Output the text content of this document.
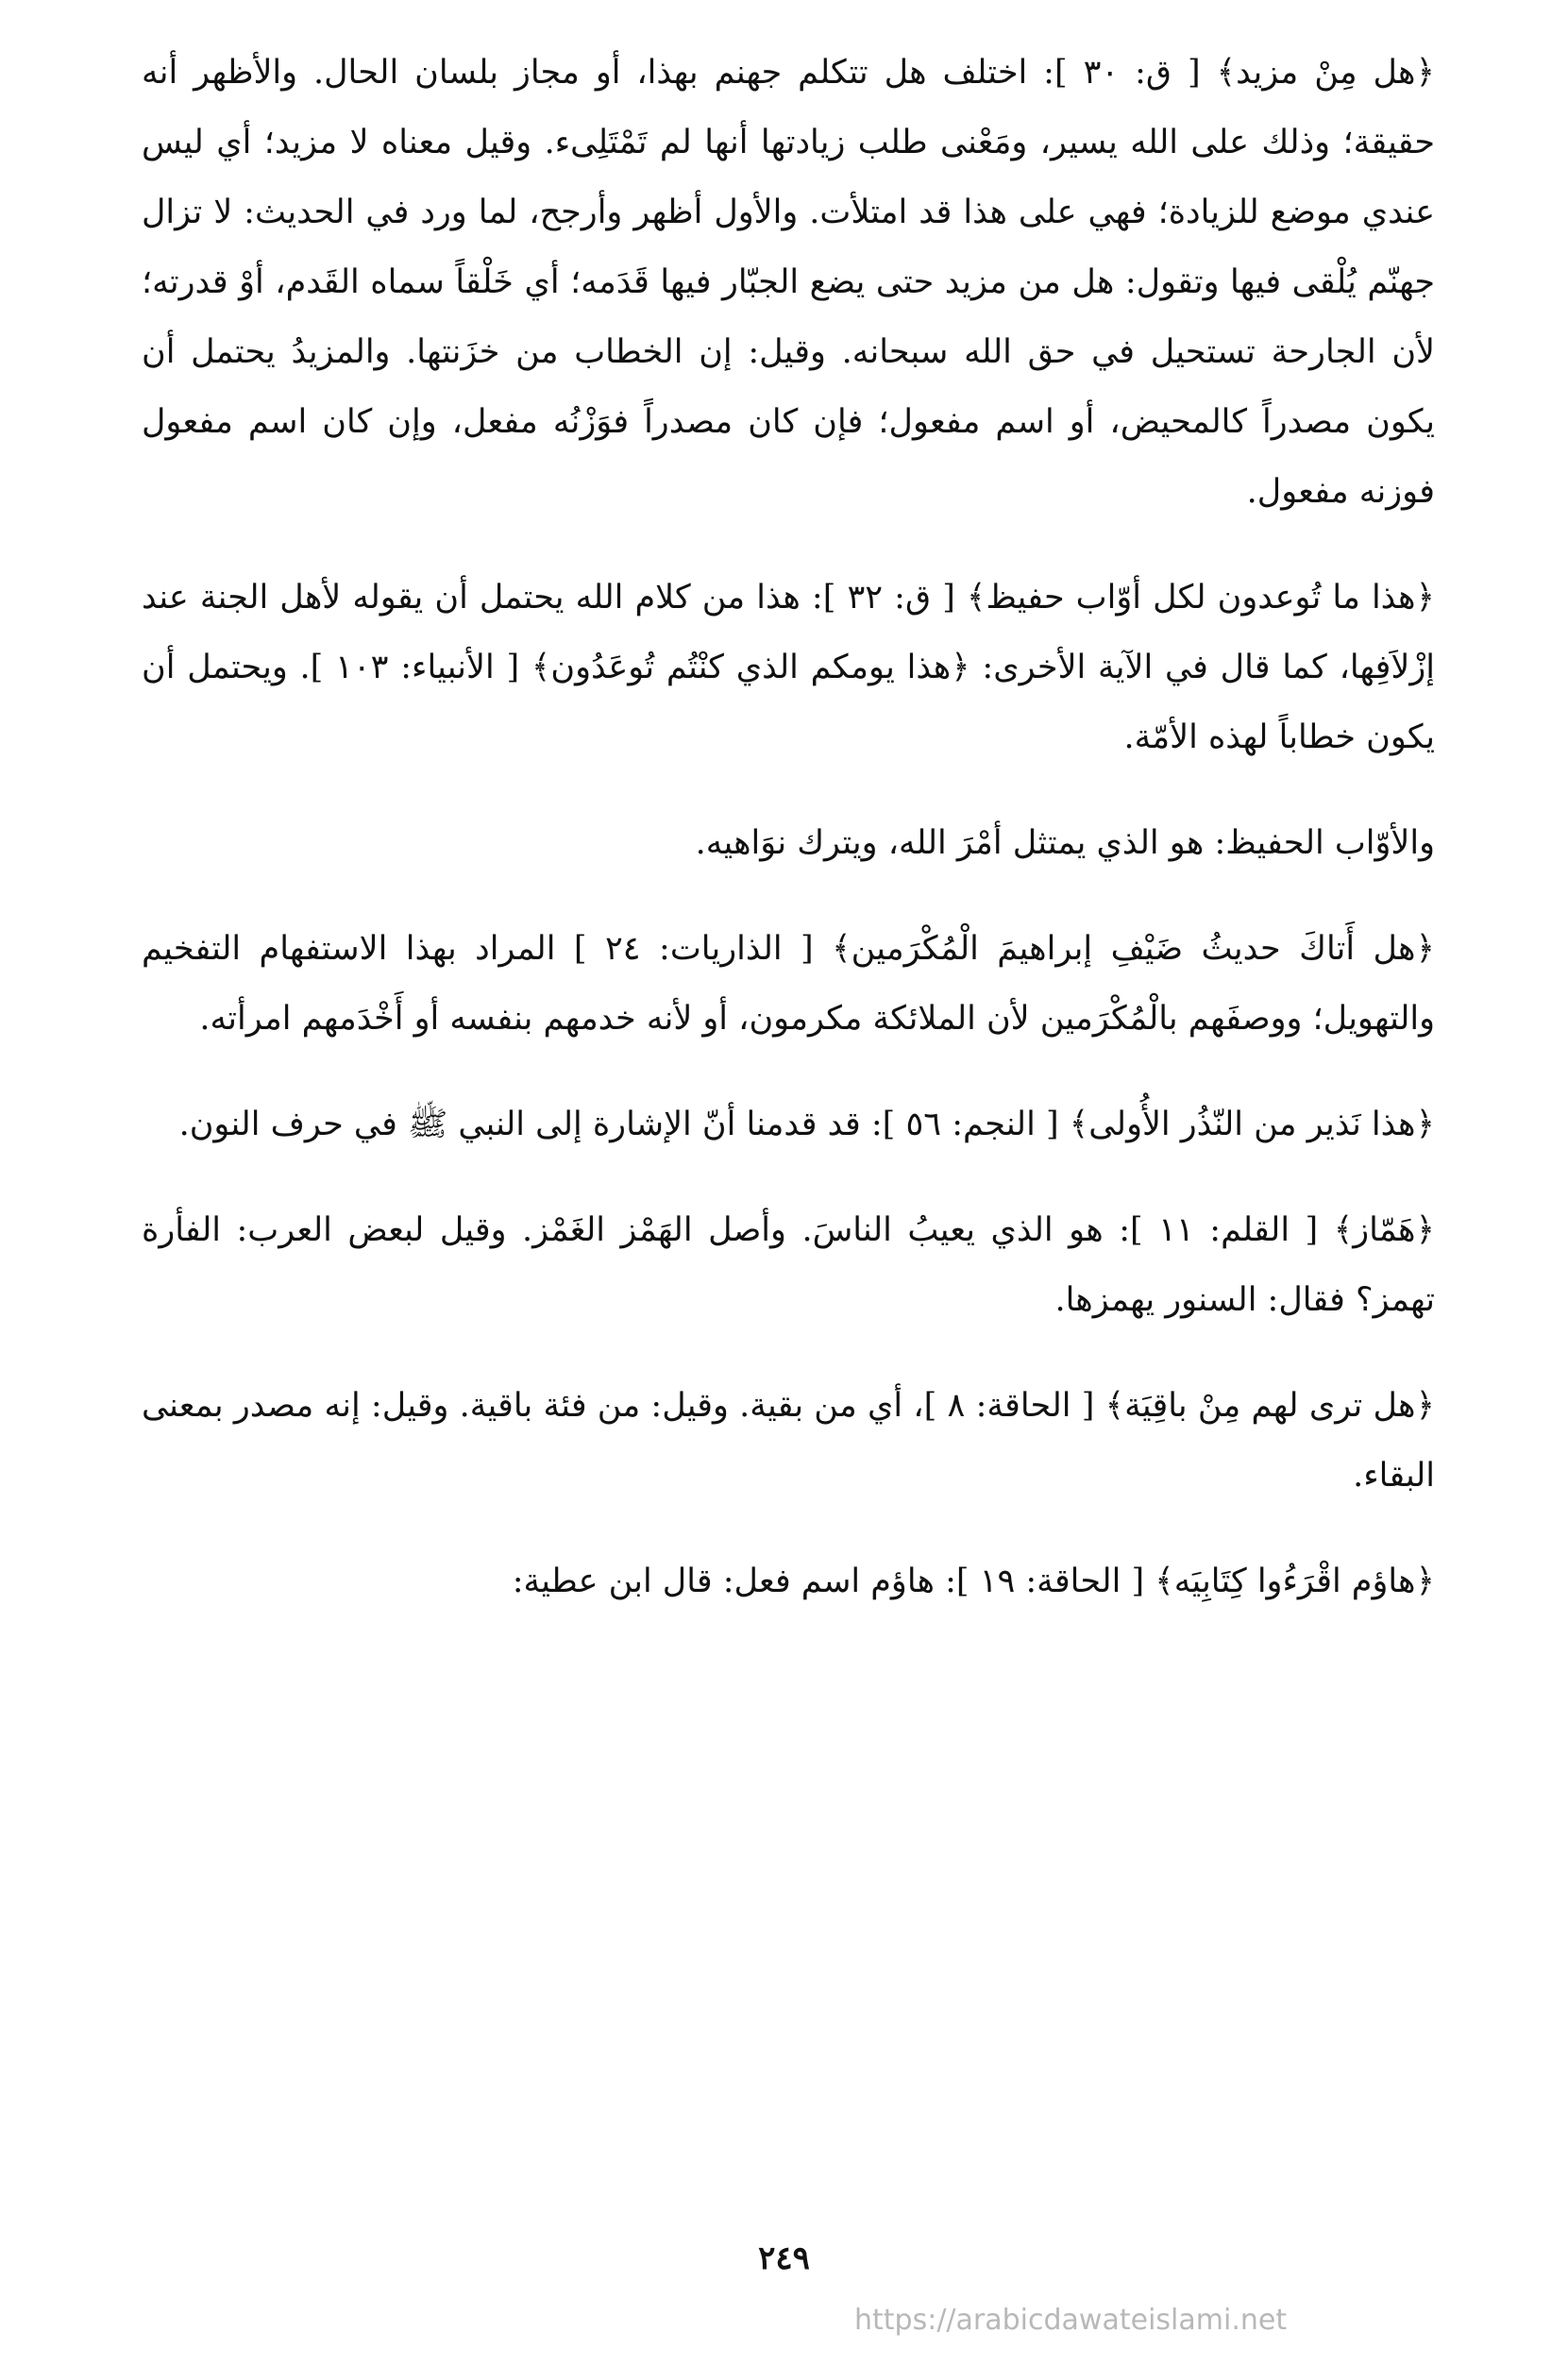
﴿هل مِنْ مزيد﴾ [ ق: ٣٠ ]: اختلف هل تتكلم جهنم بهذا، أو مجاز بلسان الحال. والأظهر أنه حقيقة؛ وذلك على الله يسير، ومَعْنى طلب زيادتها أنها لم تَمْتَلِىء. وقيل معناه لا مزيد؛ أي ليس عندي موضع للزيادة؛ فهي على هذا قد امتلأت. والأول أظهر وأرجح، لما ورد في الحديث: لا تزال جهنّم يُلْقى فيها وتقول: هل من مزيد حتى يضع الجبّار فيها قَدَمه؛ أي خَلْقاً سماه القَدم، أوْ قدرته؛ لأن الجارحة تستحيل في حق الله سبحانه. وقيل: إن الخطاب من خزَنتها. والمزيدُ يحتمل أن يكون مصدراً كالمحيض، أو اسم مفعول؛ فإن كان مصدراً فوَزْنُه مفعل، وإن كان اسم مفعول فوزنه مفعول.

﴿هذا ما تُوعدون لكل أوّاب حفيظ﴾ [ ق: ٣٢ ]: هذا من كلام الله يحتمل أن يقوله لأهل الجنة عند إزْلاَفِها، كما قال في الآية الأخرى: ﴿هذا يومكم الذي كنْتُم تُوعَدُون﴾ [ الأنبياء: ١٠٣ ]. ويحتمل أن يكون خطاباً لهذه الأمّة.

والأوّاب الحفيظ: هو الذي يمتثل أمْرَ الله، ويترك نوَاهيه.

﴿هل أَتاكَ حديثُ ضَيْفِ إبراهيمَ الْمُكْرَمين﴾ [ الذاريات: ٢٤ ] المراد بهذا الاستفهام التفخيم والتهويل؛ ووصفَهم بالْمُكْرَمين لأن الملائكة مكرمون، أو لأنه خدمهم بنفسه أو أَخْدَمهم امرأته.

﴿هذا نَذير من النّذُر الأُولى﴾ [ النجم: ٥٦ ]: قد قدمنا أنّ الإشارة إلى النبي ﷺ في حرف النون.

﴿هَمّاز﴾ [ القلم: ١١ ]: هو الذي يعيبُ الناسَ. وأصل الهَمْز الغَمْز. وقيل لبعض العرب: الفأرة تهمز؟ فقال: السنور يهمزها.

﴿هل ترى لهم مِنْ باقِيَة﴾ [ الحاقة: ٨ ]، أي من بقية. وقيل: من فئة باقية. وقيل: إنه مصدر بمعنى البقاء.

﴿هاؤم اقْرَءُوا كِتَابِيَه﴾ [ الحاقة: ١٩ ]: هاؤم اسم فعل: قال ابن عطية:

٢٤٩
https://arabicdawateislami.net
